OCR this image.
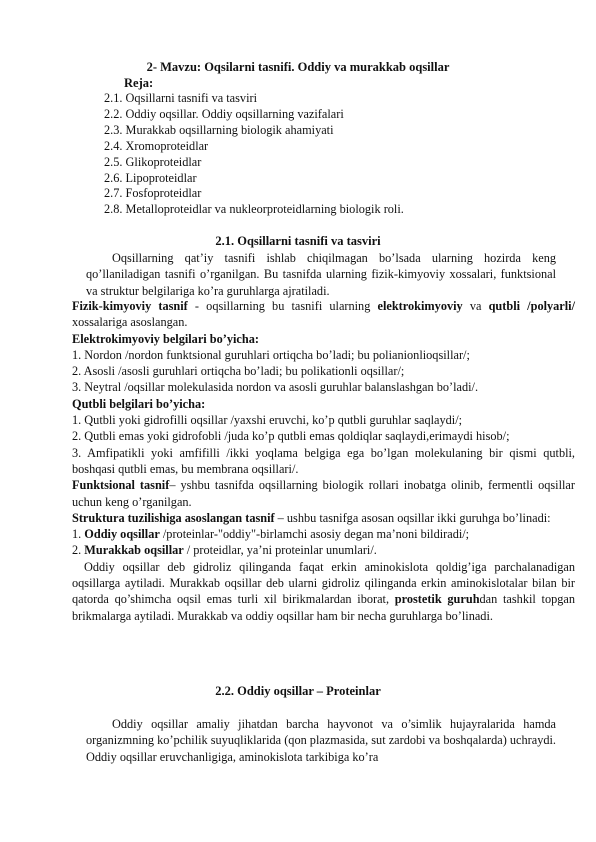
2- Mavzu: Oqsilarni tasnifi. Oddiy va murakkab oqsillar
Reja:
2.1. Oqsillarni tasnifi va tasviri
2.2. Oddiy oqsillar. Oddiy oqsillarning vazifalari
2.3. Murakkab oqsillarning biologik ahamiyati
2.4. Xromoproteidlar
2.5. Glikoproteidlar
2.6. Lipoproteidlar
2.7. Fosfoproteidlar
2.8. Metalloproteidlar va nukleorproteidlarning biologik roli.
2.1. Oqsillarni tasnifi va tasviri

Oqsillarning qat’iy tasnifi ishlab chiqilmagan bo’lsada ularning hozirda keng qo’llaniladigan tasnifi o’rganilgan. Bu tasnifda ularning fizik-kimyoviy xossalari, funktsional va struktur belgilariga ko’ra guruhlarga ajratiladi.

Fizik-kimyoviy tasnif - oqsillarning bu tasnifi ularning elektrokimyoviy va qutbli /polyarli/ xossalariga asoslangan.

Elektrokimyoviy belgilari bo’yicha:

1. Nordon /nordon funktsional guruhlari ortiqcha bo’ladi; bu polianionlioqsillar/;

2. Asosli /asosli guruhlari ortiqcha bo’ladi; bu polikationli oqsillar/;

3. Neytral /oqsillar molekulasida nordon va asosli guruhlar balanslashgan bo’ladi/.

Qutbli belgilari bo’yicha:

1. Qutbli yoki gidrofilli oqsillar /yaxshi eruvchi, ko’p qutbli guruhlar saqlaydi/;

2. Qutbli emas yoki gidrofobli /juda ko’p qutbli emas qoldiqlar saqlaydi,erimaydi hisob/;

3. Amfipatikli yoki amfifilli /ikki yoqlama belgiga ega bo’lgan molekulaning bir qismi qutbli, boshqasi qutbli emas, bu membrana oqsillari/.

Funktsional tasnif– yshbu tasnifda oqsillarning biologik rollari inobatga olinib, fermentli oqsillar uchun keng o’rganilgan.

Struktura tuzilishiga asoslangan tasnif – ushbu tasnifga asosan oqsillar ikki guruhga bo’linadi:

1. Oddiy oqsillar /proteinlar-"oddiy"-birlamchi asosiy degan ma’noni bildiradi/;

2. Murakkab oqsillar / proteidlar, ya’ni proteinlar unumlari/.

Oddiy oqsillar deb gidroliz qilinganda faqat erkin aminokislota qoldig’iga parchalanadigan oqsillarga aytiladi. Murakkab oqsillar deb ularni gidroliz qilinganda erkin aminokislotalar bilan bir qatorda qo’shimcha oqsil emas turli xil birikmalardan iborat, prostetik guruhdan tashkil topgan brikmalarga aytiladi. Murakkab va oddiy oqsillar ham bir necha guruhlarga bo’linadi.

2.2. Oddiy oqsillar – Proteinlar

Oddiy oqsillar amaliy jihatdan barcha hayvonot va o’simlik hujayralarida hamda organizmning ko’pchilik suyuqliklarida (qon plazmasida, sut zardobi va boshqalarda) uchraydi. Oddiy oqsillar eruvchanligiga, aminokislota tarkibiga ko’ra
